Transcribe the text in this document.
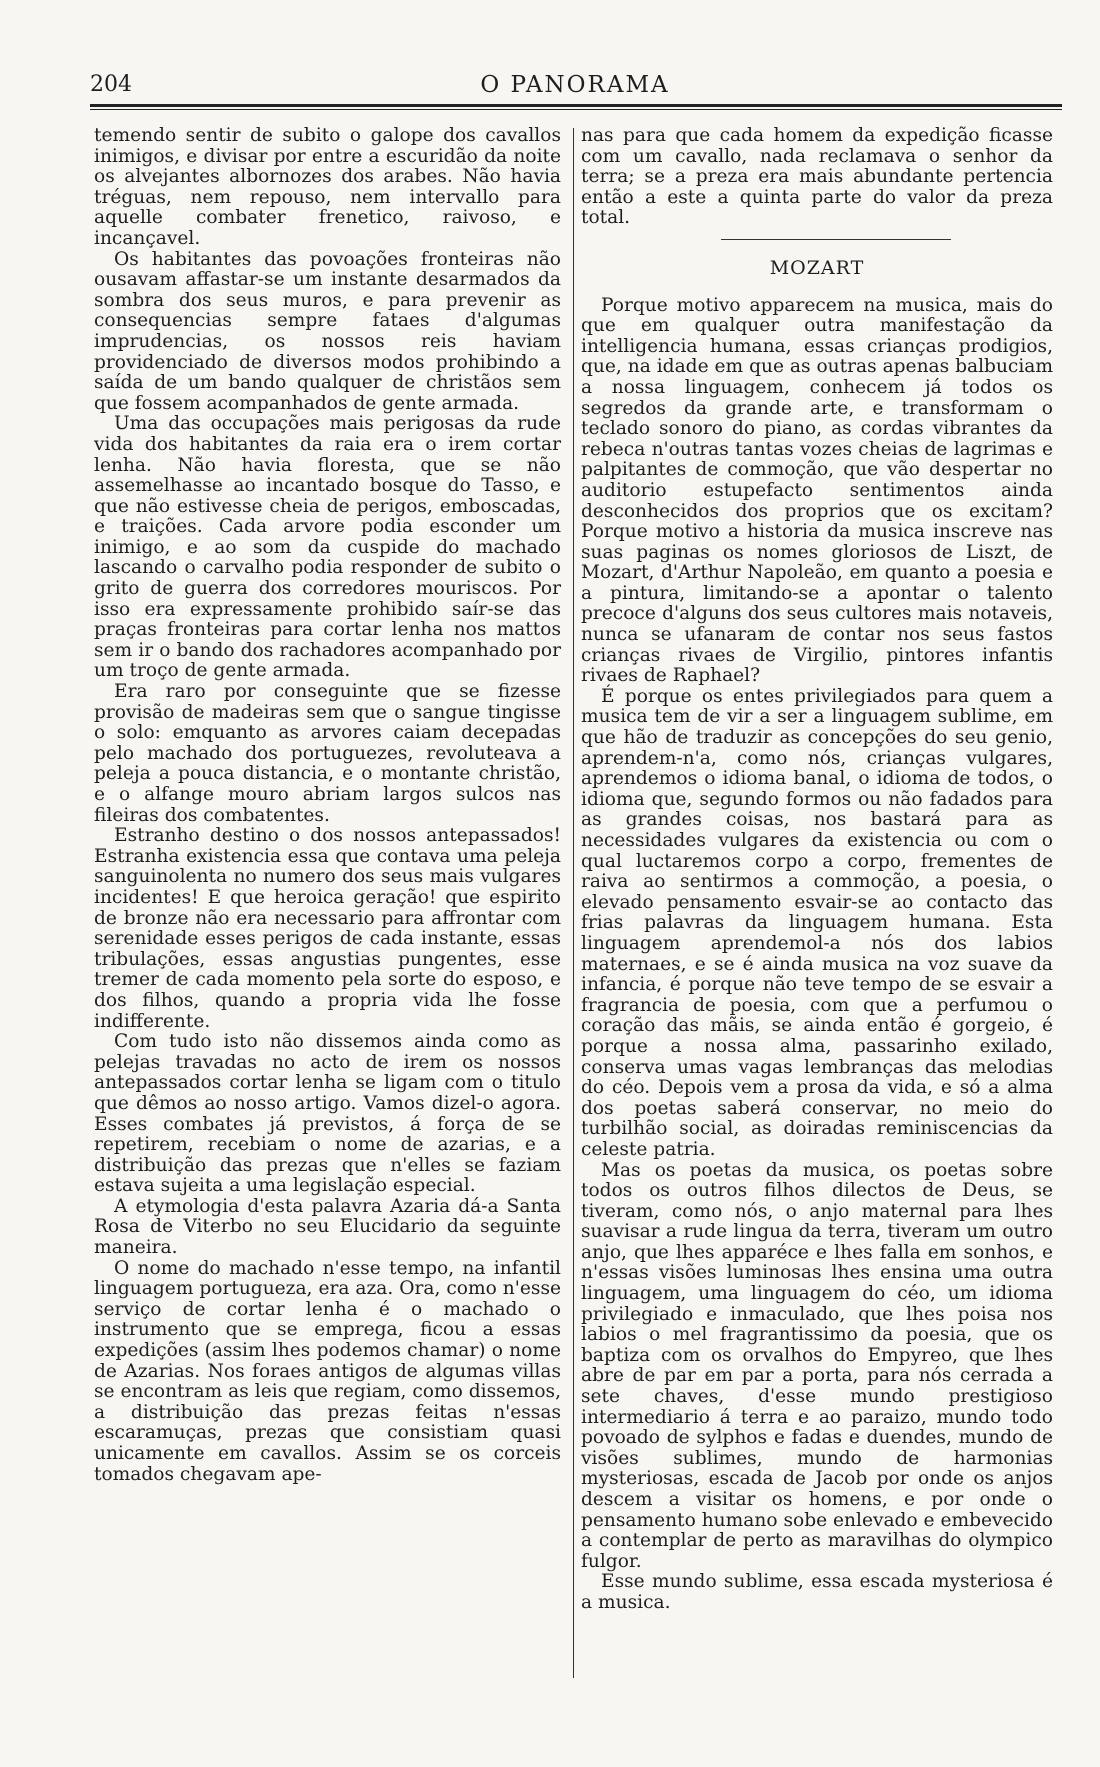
204	O PANORAMA

temendo sentir de subito o galope dos cavallos inimigos, e divisar por entre a escuridão da noite os alvejantes albornozes dos arabes. Não havia tréguas, nem repouso, nem intervallo para aquelle combater frenetico, raivoso, e incançavel.

Os habitantes das povoações fronteiras não ousavam affastar-se um instante desarmados da sombra dos seus muros, e para prevenir as consequencias sempre fataes d'algumas imprudencias, os nossos reis haviam providenciado de diversos modos prohibindo a saída de um bando qualquer de christãos sem que fossem acompanhados de gente armada.

Uma das occupações mais perigosas da rude vida dos habitantes da raia era o irem cortar lenha. Não havia floresta, que se não assemelhasse ao incantado bosque do Tasso, e que não estivesse cheia de perigos, emboscadas, e traições. Cada arvore podia esconder um inimigo, e ao som da cuspide do machado lascando o carvalho podia responder de subito o grito de guerra dos corredores mouriscos. Por isso era expressamente prohibido saír-se das praças fronteiras para cortar lenha nos mattos sem ir o bando dos rachadores acompanhado por um troço de gente armada.

Era raro por conseguinte que se fizesse provisão de madeiras sem que o sangue tingisse o solo: emquanto as arvores caiam decepadas pelo machado dos portuguezes, revoluteava a peleja a pouca distancia, e o montante christão, e o alfange mouro abriam largos sulcos nas fileiras dos combatentes.

Estranho destino o dos nossos antepassados! Estranha existencia essa que contava uma peleja sanguinolenta no numero dos seus mais vulgares incidentes! E que heroica geração! que espirito de bronze não era necessario para affrontar com serenidade esses perigos de cada instante, essas tribulações, essas angustias pungentes, esse tremer de cada momento pela sorte do esposo, e dos filhos, quando a propria vida lhe fosse indifferente.

Com tudo isto não dissemos ainda como as pelejas travadas no acto de irem os nossos antepassados cortar lenha se ligam com o titulo que dêmos ao nosso artigo. Vamos dizel-o agora. Esses combates já previstos, á força de se repetirem, recebiam o nome de azarias, e a distribuição das prezas que n'elles se faziam estava sujeita a uma legislação especial.

A etymologia d'esta palavra Azaria dá-a Santa Rosa de Viterbo no seu Elucidario da seguinte maneira.

O nome do machado n'esse tempo, na infantil linguagem portugueza, era aza. Ora, como n'esse serviço de cortar lenha é o machado o instrumento que se emprega, ficou a essas expedições (assim lhes podemos chamar) o nome de Azarias. Nos foraes antigos de algumas villas se encontram as leis que regiam, como dissemos, a distribuição das prezas feitas n'essas escaramuças, prezas que consistiam quasi unicamente em cavallos. Assim se os corceis tomados chegavam ape-

nas para que cada homem da expedição ficasse com um cavallo, nada reclamava o senhor da terra; se a preza era mais abundante pertencia então a este a quinta parte do valor da preza total.

MOZART

Porque motivo apparecem na musica, mais do que em qualquer outra manifestação da intelligencia humana, essas crianças prodigios, que, na idade em que as outras apenas balbuciam a nossa linguagem, conhecem já todos os segredos da grande arte, e transformam o teclado sonoro do piano, as cordas vibrantes da rebeca n'outras tantas vozes cheias de lagrimas e palpitantes de commoção, que vão despertar no auditorio estupefacto sentimentos ainda desconhecidos dos proprios que os excitam? Porque motivo a historia da musica inscreve nas suas paginas os nomes gloriosos de Liszt, de Mozart, d'Arthur Napoleão, em quanto a poesia e a pintura, limitando-se a apontar o talento precoce d'alguns dos seus cultores mais notaveis, nunca se ufanaram de contar nos seus fastos crianças rivaes de Virgilio, pintores infantis rivaes de Raphael?

É porque os entes privilegiados para quem a musica tem de vir a ser a linguagem sublime, em que hão de traduzir as concepções do seu genio, aprendem-n'a, como nós, crianças vulgares, aprendemos o idioma banal, o idioma de todos, o idioma que, segundo formos ou não fadados para as grandes coisas, nos bastará para as necessidades vulgares da existencia ou com o qual luctaremos corpo a corpo, frementes de raiva ao sentirmos a commoção, a poesia, o elevado pensamento esvair-se ao contacto das frias palavras da linguagem humana. Esta linguagem aprendemol-a nós dos labios maternaes, e se é ainda musica na voz suave da infancia, é porque não teve tempo de se esvair a fragrancia de poesia, com que a perfumou o coração das mãis, se ainda então é gorgeio, é porque a nossa alma, passarinho exilado, conserva umas vagas lembranças das melodias do céo. Depois vem a prosa da vida, e só a alma dos poetas saberá conservar, no meio do turbilhão social, as doiradas reminiscencias da celeste patria.

Mas os poetas da musica, os poetas sobre todos os outros filhos dilectos de Deus, se tiveram, como nós, o anjo maternal para lhes suavisar a rude lingua da terra, tiveram um outro anjo, que lhes apparéce e lhes falla em sonhos, e n'essas visões luminosas lhes ensina uma outra linguagem, uma linguagem do céo, um idioma privilegiado e inmaculado, que lhes poisa nos labios o mel fragrantissimo da poesia, que os baptiza com os orvalhos do Empyreo, que lhes abre de par em par a porta, para nós cerrada a sete chaves, d'esse mundo prestigioso intermediario á terra e ao paraizo, mundo todo povoado de sylphos e fadas e duendes, mundo de visões sublimes, mundo de harmonias mysteriosas, escada de Jacob por onde os anjos descem a visitar os homens, e por onde o pensamento humano sobe enlevado e embevecido a contemplar de perto as maravilhas do olympico fulgor.

Esse mundo sublime, essa escada mysteriosa é a musica.
